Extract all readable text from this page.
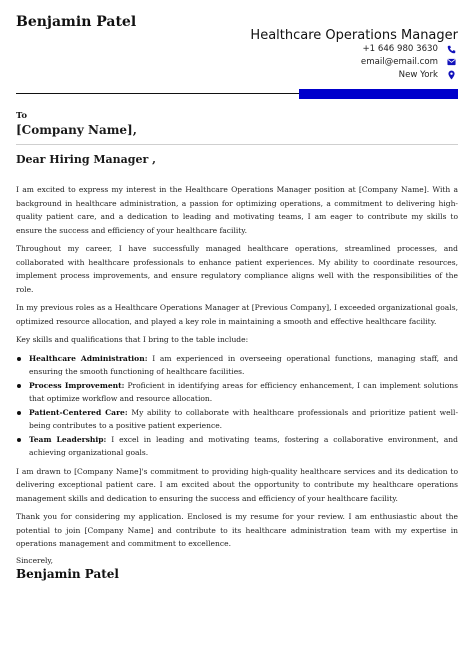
Benjamin Patel
Healthcare Operations Manager
+1 646 980 3630
email@email.com
New York
To
[Company Name],
Dear Hiring Manager ,

I am excited to express my interest in the Healthcare Operations Manager position at [Company Name]. With a background in healthcare administration, a passion for optimizing operations, a commitment to delivering high-quality patient care, and a dedication to leading and motivating teams, I am eager to contribute my skills to ensure the success and efficiency of your healthcare facility.

Throughout my career, I have successfully managed healthcare operations, streamlined processes, and collaborated with healthcare professionals to enhance patient experiences. My ability to coordinate resources, implement process improvements, and ensure regulatory compliance aligns well with the responsibilities of the role.

In my previous roles as a Healthcare Operations Manager at [Previous Company], I exceeded organizational goals, optimized resource allocation, and played a key role in maintaining a smooth and effective healthcare facility.

Key skills and qualifications that I bring to the table include:

Healthcare Administration: I am experienced in overseeing operational functions, managing staff, and ensuring the smooth functioning of healthcare facilities.
Process Improvement: Proficient in identifying areas for efficiency enhancement, I can implement solutions that optimize workflow and resource allocation.
Patient-Centered Care: My ability to collaborate with healthcare professionals and prioritize patient well-being contributes to a positive patient experience.
Team Leadership: I excel in leading and motivating teams, fostering a collaborative environment, and achieving organizational goals.

I am drawn to [Company Name]'s commitment to providing high-quality healthcare services and its dedication to delivering exceptional patient care. I am excited about the opportunity to contribute my healthcare operations management skills and dedication to ensuring the success and efficiency of your healthcare facility.

Thank you for considering my application. Enclosed is my resume for your review. I am enthusiastic about the potential to join [Company Name] and contribute to its healthcare administration team with my expertise in operations management and commitment to excellence.

Sincerely,
Benjamin Patel
